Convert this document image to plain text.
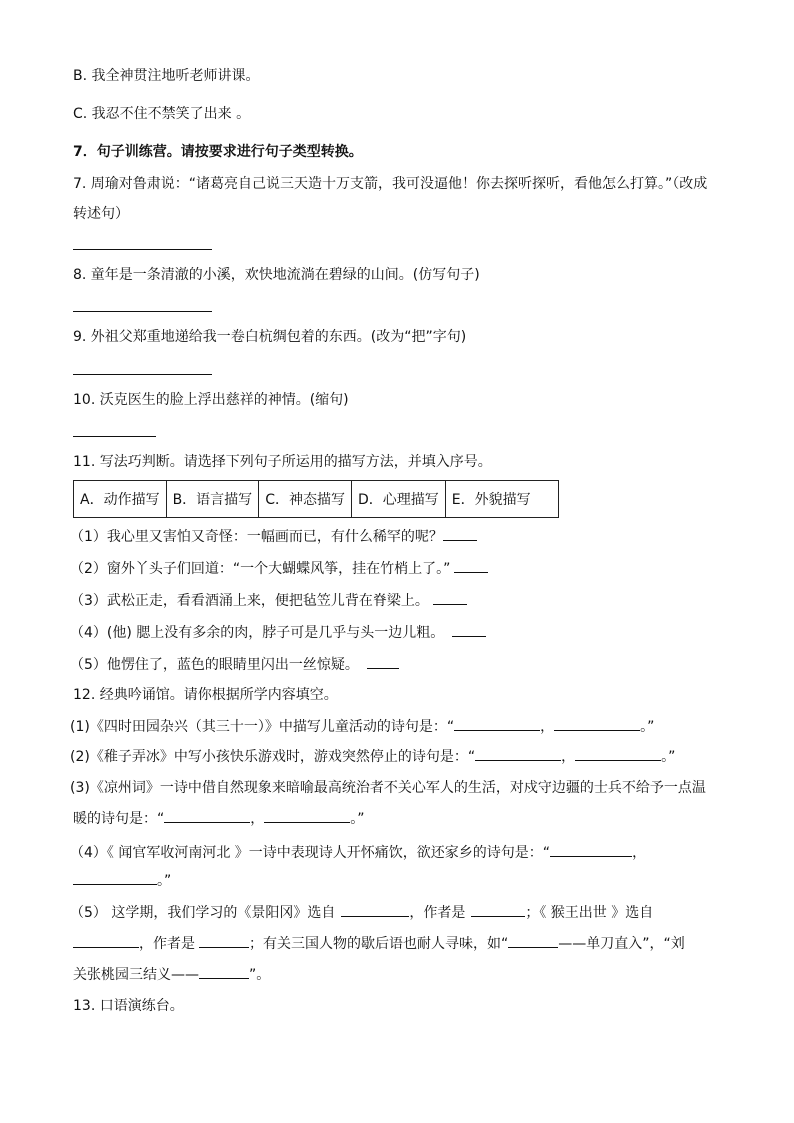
B. 我全神贯注地听老师讲课。
C. 我忍不住不禁笑了出来 。
7．句子训练营。请按要求进行句子类型转换。
7. 周瑜对鲁肃说：“诸葛亮自己说三天造十万支箭，我可没逼他！你去探听探听，看他怎么打算。”（改成
转述句）
8. 童年是一条清澈的小溪，欢快地流淌在碧绿的山间。(仿写句子)
9. 外祖父郑重地递给我一卷白杭绸包着的东西。(改为“把”字句)
10. 沃克医生的脸上浮出慈祥的神情。(缩句)
11. 写法巧判断。请选择下列句子所运用的描写方法，并填入序号。
A．动作描写	B．语言描写	C．神态描写	D．心理描写	E．外貌描写
（1）我心里又害怕又奇怪：一幅画而已，有什么稀罕的呢？
（2）窗外丫头子们回道：“一个大蝴蝶风筝，挂在竹梢上了。”
（3）武松正走，看看酒涌上来，便把毡笠儿背在脊梁上。
（4）(他) 腮上没有多余的肉，脖子可是几乎与头一边儿粗。
（5）他愣住了，蓝色的眼睛里闪出一丝惊疑。
12. 经典吟诵馆。请你根据所学内容填空。
(1)《四时田园杂兴（其三十一）》中描写儿童活动的诗句是：“	，	。”
(2)《稚子弄冰》中写小孩快乐游戏时，游戏突然停止的诗句是：“	，	。”
(3)《凉州词》一诗中借自然现象来暗喻最高统治者不关心军人的生活，对戍守边疆的士兵不给予一点温
暖的诗句是：“	，	。”
（4）《 闻官军收河南河北 》一诗中表现诗人开怀痛饮，欲还家乡的诗句是：“	，
。”
（5） 这学期，我们学习的《景阳冈》选自	，作者是	；《 猴王出世 》选自
，作者是	；有关三国人物的歇后语也耐人寻味，如“	——单刀直入”，“刘
关张桃园三结义——	”。
13. 口语演练台。
